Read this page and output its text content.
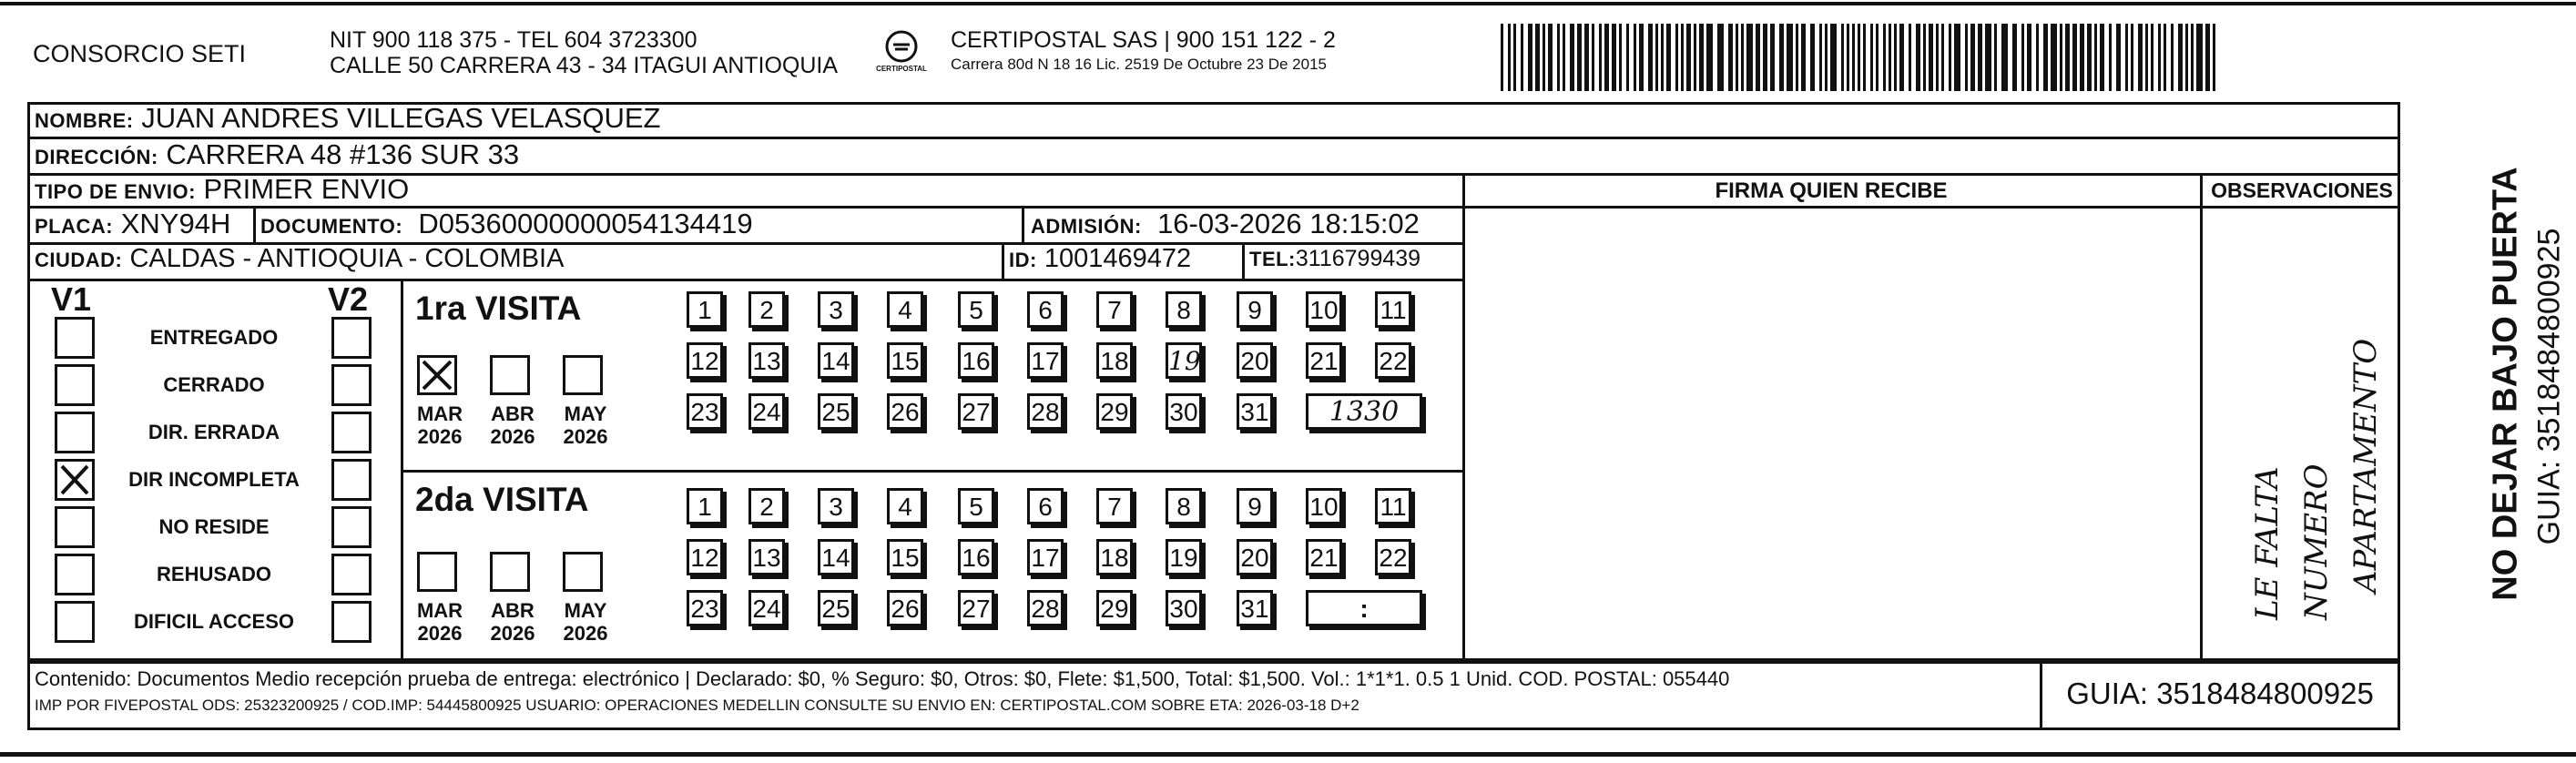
CONSORCIO SETI	NIT 900 118 375 - TEL 604 3723300
CALLE 50 CARRERA 43 - 34 ITAGUI ANTIOQUIA	CERTIPOSTAL
CERTIPOSTAL SAS | 900 151 122 - 2
Carrera 80d N 18 16 Lic. 2519 De Octubre 23 De 2015
NOMBRE: JUAN ANDRES VILLEGAS VELASQUEZ
DIRECCIÓN: CARRERA 48 #136 SUR 33
TIPO DE ENVIO: PRIMER ENVIO
PLACA: XNY94H DOCUMENTO: D05360000000054134419	ADMISIÓN: 16-03-2026 18:15:02
CIUDAD: CALDAS - ANTIOQUIA - COLOMBIA	ID: 1001469472	TEL:3116799439
FIRMA QUIEN RECIBE	OBSERVACIONES
V1	V2
ENTREGADO
CERRADO
DIR. ERRADA
DIR INCOMPLETA
NO RESIDE
REHUSADO
DIFICIL ACCESO
1ra VISITA
2da VISITA
1	2	3	4	5	6	7	8	9	10 11
12 13 14 15 16 17 18 19 20 21 22
23 24 25 26 27 28 29 30 31	1330
MAR
2026
ABR
2026
MAY
2026
1	2	3	4	5	6	7	8	9	10 11
12 13 14 15 16 17 18 19 20 21 22
23 24 25 26 27 28 29 30 31	:
MAR
2026
ABR
2026
MAY
2026
LE FALTA NUMERO APARTAMENTO	NO DEJAR BAJO PUERTA GUIA: 3518484800925
Contenido: Documentos Medio recepción prueba de entrega: electrónico | Declarado: $0, % Seguro: $0, Otros: $0, Flete: $1,500, Total: $1,500. Vol.: 1*1*1. 0.5 1 Unid. COD. POSTAL: 055440
IMP POR FIVEPOSTAL ODS: 25323200925 / COD.IMP: 54445800925 USUARIO: OPERACIONES MEDELLIN CONSULTE SU ENVIO EN: CERTIPOSTAL.COM SOBRE ETA: 2026-03-18 D+2	GUIA: 3518484800925
